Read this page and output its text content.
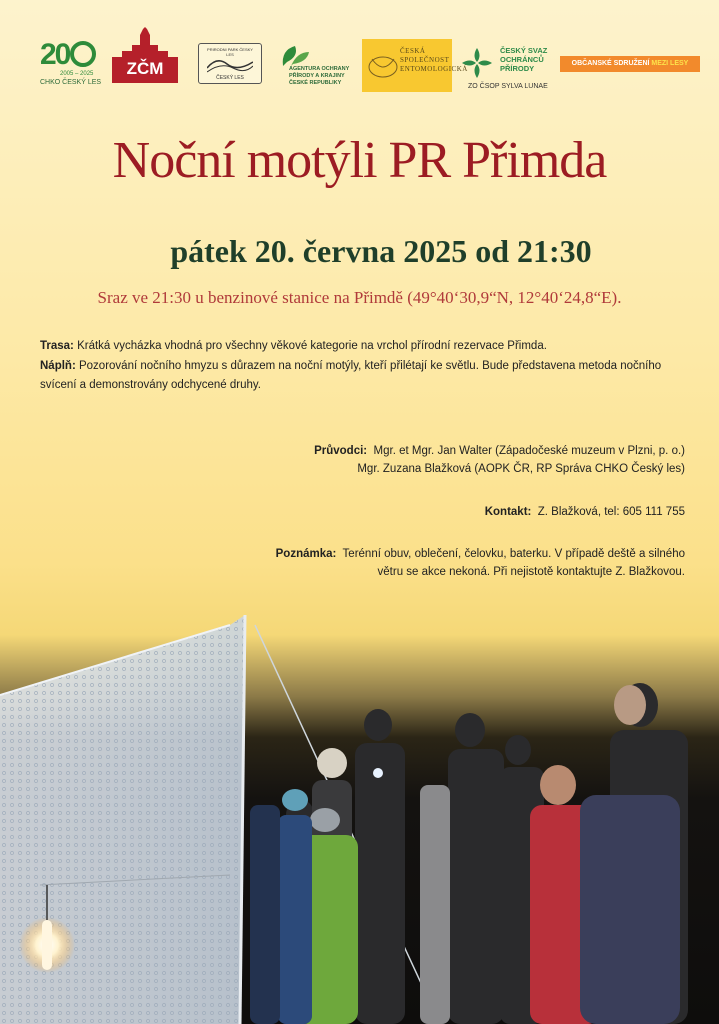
20
2005 – 2025
CHKO ČESKÝ LES
ZČM
PRIRODNI PARK ČESKY LES
ČESKÝ LES
AGENTURA OCHRANY PŘÍRODY A KRAJINY ČESKÉ REPUBLIKY
ČESKÁ
SPOLEČNOST
ENTOMOLOGICKÁ
ČESKÝ SVAZ
OCHRÁNCŮ
PŘÍRODY
ZO ČSOP SYLVA LUNAE
OBČANSKÉ SDRUŽENÍ MEZI LESY
Noční motýli PR Přimda
pátek 20. června 2025 od 21:30
Sraz ve 21:30 u benzinové stanice na Přimdě (49°40‘30,9“N, 12°40‘24,8“E).
Trasa: Krátká vycházka vhodná pro všechny věkové kategorie na vrchol přírodní rezervace Přimda.
Náplň: Pozorování nočního hmyzu s důrazem na noční motýly, kteří přilétají ke světlu. Bude představena metoda nočního svícení a demonstrovány odchycené druhy.
Průvodci: Mgr. et Mgr. Jan Walter (Západočeské muzeum v Plzni, p. o.)
Mgr. Zuzana Blažková (AOPK ČR, RP Správa CHKO Český les)
Kontakt: Z. Blažková, tel: 605 111 755
Poznámka: Terénní obuv, oblečení, čelovku, baterku. V případě deště a silného
větru se akce nekoná. Při nejistotě kontaktujte Z. Blažkovou.
